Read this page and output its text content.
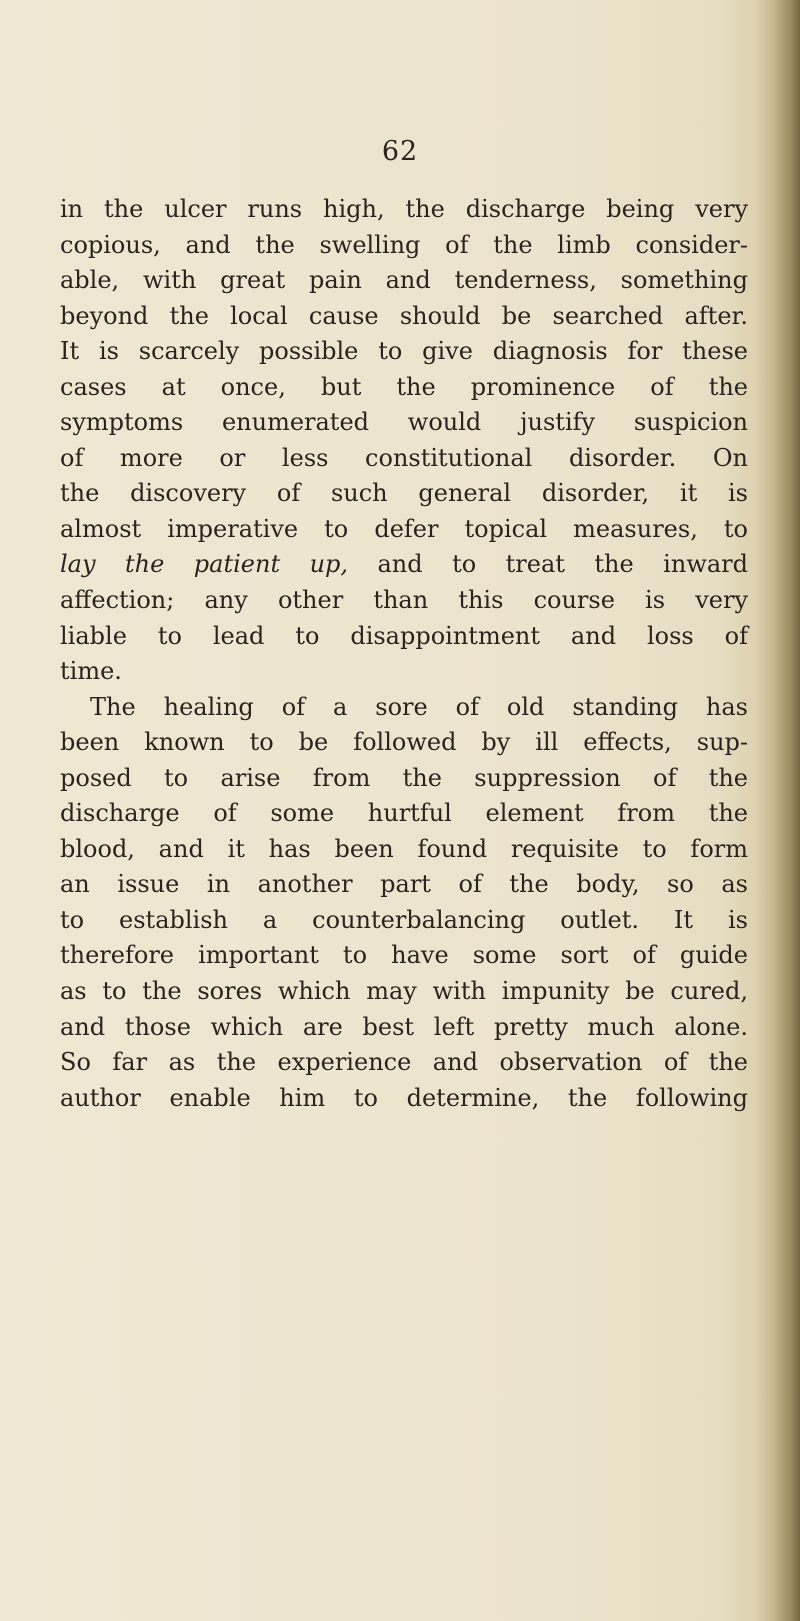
62
in the ulcer runs high, the discharge being very
copious, and the swelling of the limb consider-
able, with great pain and tenderness, something
beyond the local cause should be searched after.
It is scarcely possible to give diagnosis for these
cases at once, but the prominence of the
symptoms enumerated would justify suspicion
of more or less constitutional disorder. On
the discovery of such general disorder, it is
almost imperative to defer topical measures, to
lay the patient up, and to treat the inward
affection; any other than this course is very
liable to lead to disappointment and loss of
time.
The healing of a sore of old standing has
been known to be followed by ill effects, sup-
posed to arise from the suppression of the
discharge of some hurtful element from the
blood, and it has been found requisite to form
an issue in another part of the body, so as
to establish a counterbalancing outlet. It is
therefore important to have some sort of guide
as to the sores which may with impunity be cured,
and those which are best left pretty much alone.
So far as the experience and observation of the
author enable him to determine, the following
